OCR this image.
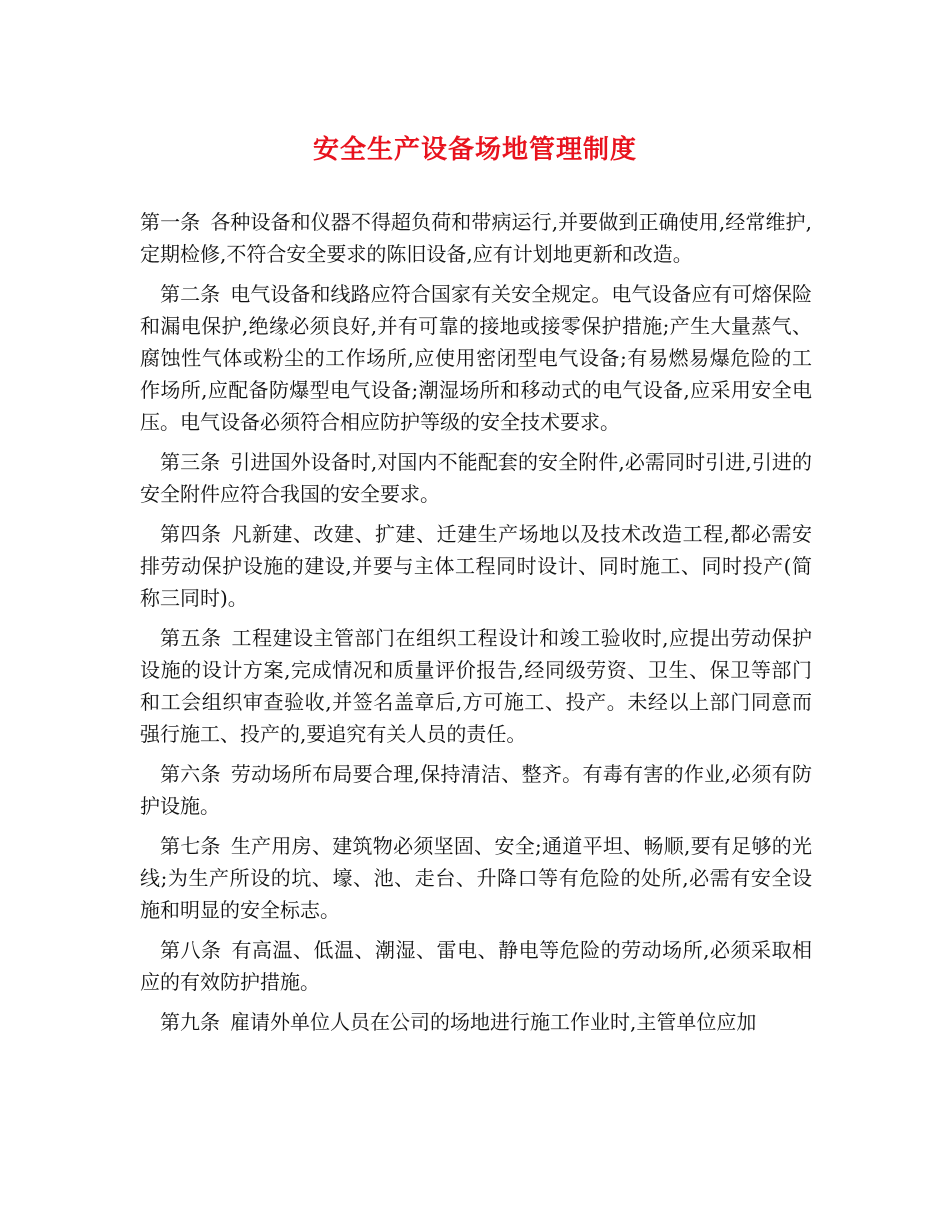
安全生产设备场地管理制度

第一条 各种设备和仪器不得超负荷和带病运行,并要做到正确使用,经常维护,定期检修,不符合安全要求的陈旧设备,应有计划地更新和改造。

第二条 电气设备和线路应符合国家有关安全规定。电气设备应有可熔保险和漏电保护,绝缘必须良好,并有可靠的接地或接零保护措施;产生大量蒸气、腐蚀性气体或粉尘的工作场所,应使用密闭型电气设备;有易燃易爆危险的工作场所,应配备防爆型电气设备;潮湿场所和移动式的电气设备,应采用安全电压。电气设备必须符合相应防护等级的安全技术要求。

第三条 引进国外设备时,对国内不能配套的安全附件,必需同时引进,引进的安全附件应符合我国的安全要求。

第四条 凡新建、改建、扩建、迁建生产场地以及技术改造工程,都必需安排劳动保护设施的建设,并要与主体工程同时设计、同时施工、同时投产(简称三同时)。

第五条 工程建设主管部门在组织工程设计和竣工验收时,应提出劳动保护设施的设计方案,完成情况和质量评价报告,经同级劳资、卫生、保卫等部门和工会组织审查验收,并签名盖章后,方可施工、投产。未经以上部门同意而强行施工、投产的,要追究有关人员的责任。

第六条 劳动场所布局要合理,保持清洁、整齐。有毒有害的作业,必须有防护设施。

第七条 生产用房、建筑物必须坚固、安全;通道平坦、畅顺,要有足够的光线;为生产所设的坑、壕、池、走台、升降口等有危险的处所,必需有安全设施和明显的安全标志。

第八条 有高温、低温、潮湿、雷电、静电等危险的劳动场所,必须采取相应的有效防护措施。

第九条 雇请外单位人员在公司的场地进行施工作业时,主管单位应加
